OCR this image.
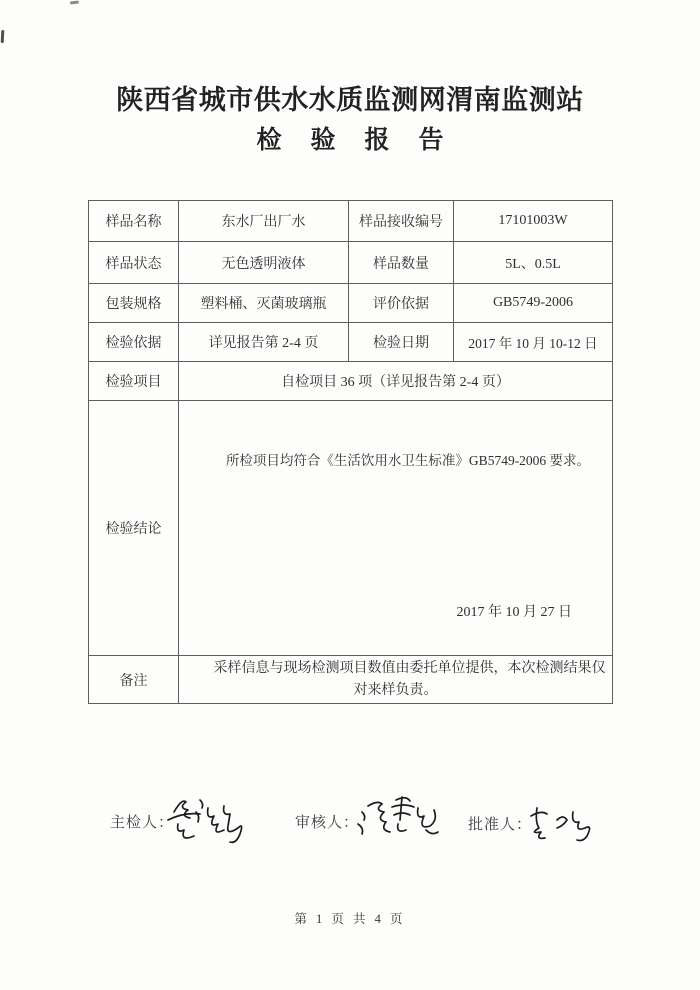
陕西省城市供水水质监测网渭南监测站
检验报告
样品名称	东水厂出厂水	样品接收编号	17101003W
样品状态	无色透明液体	样品数量	5L、0.5L
包装规格	塑料桶、灭菌玻璃瓶	评价依据	GB5749-2006
检验依据	详见报告第 2-4 页	检验日期	2017 年 10 月 10-12 日
检验项目	自检项目 36 项（详见报告第 2-4 页）		
检验结论	所检项目均符合《生活饮用水卫生标准》GB5749-2006 要求。

2017 年 10 月 27 日		

备注	采样信息与现场检测项目数值由委托单位提供，本次检测结果仅对来样负责。		
主检人：	审核人：	批准人：
第 1 页 共 4 页
